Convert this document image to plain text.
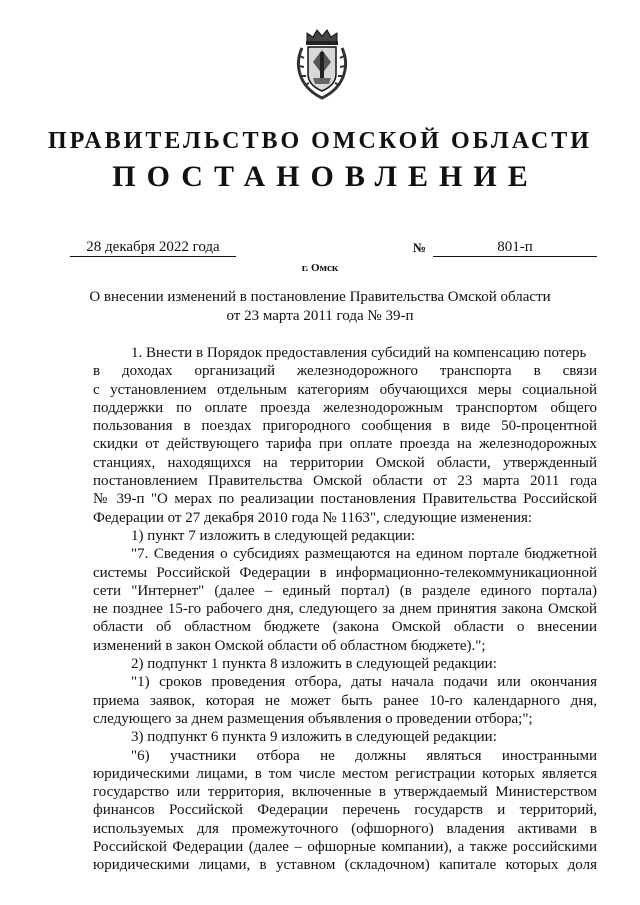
ПРАВИТЕЛЬСТВО ОМСКОЙ ОБЛАСТИ
ПОСТАНОВЛЕНИЕ
28 декабря 2022 года	№	801-п
г. Омск
О внесении изменений в постановление Правительства Омской области
от 23 марта 2011 года № 39-п
1. Внести в Порядок предоставления субсидий на компенсацию потерь
в доходах организаций железнодорожного транспорта в связи
с установлением отдельным категориям обучающихся меры социальной
поддержки по оплате проезда железнодорожным транспортом общего
пользования в поездах пригородного сообщения в виде 50-процентной
скидки от действующего тарифа при оплате проезда на железнодорожных
станциях, находящихся на территории Омской области, утвержденный
постановлением Правительства Омской области от 23 марта 2011 года
№ 39-п "О мерах по реализации постановления Правительства Российской
Федерации от 27 декабря 2010 года № 1163", следующие изменения:
1) пункт 7 изложить в следующей редакции:
"7. Сведения о субсидиях размещаются на едином портале бюджетной
системы Российской Федерации в информационно-телекоммуникационной
сети "Интернет" (далее – единый портал) (в разделе единого портала)
не позднее 15-го рабочего дня, следующего за днем принятия закона Омской
области об областном бюджете (закона Омской области о внесении
изменений в закон Омской области об областном бюджете).";
2) подпункт 1 пункта 8 изложить в следующей редакции:
"1) сроков проведения отбора, даты начала подачи или окончания
приема заявок, которая не может быть ранее 10-го календарного дня,
следующего за днем размещения объявления о проведении отбора;";
3) подпункт 6 пункта 9 изложить в следующей редакции:
"6) участники отбора не должны являться иностранными
юридическими лицами, в том числе местом регистрации которых является
государство или территория, включенные в утверждаемый Министерством
финансов Российской Федерации перечень государств и территорий,
используемых для промежуточного (офшорного) владения активами в
Российской Федерации (далее – офшорные компании), а также российскими
юридическими лицами, в уставном (складочном) капитале которых доля
